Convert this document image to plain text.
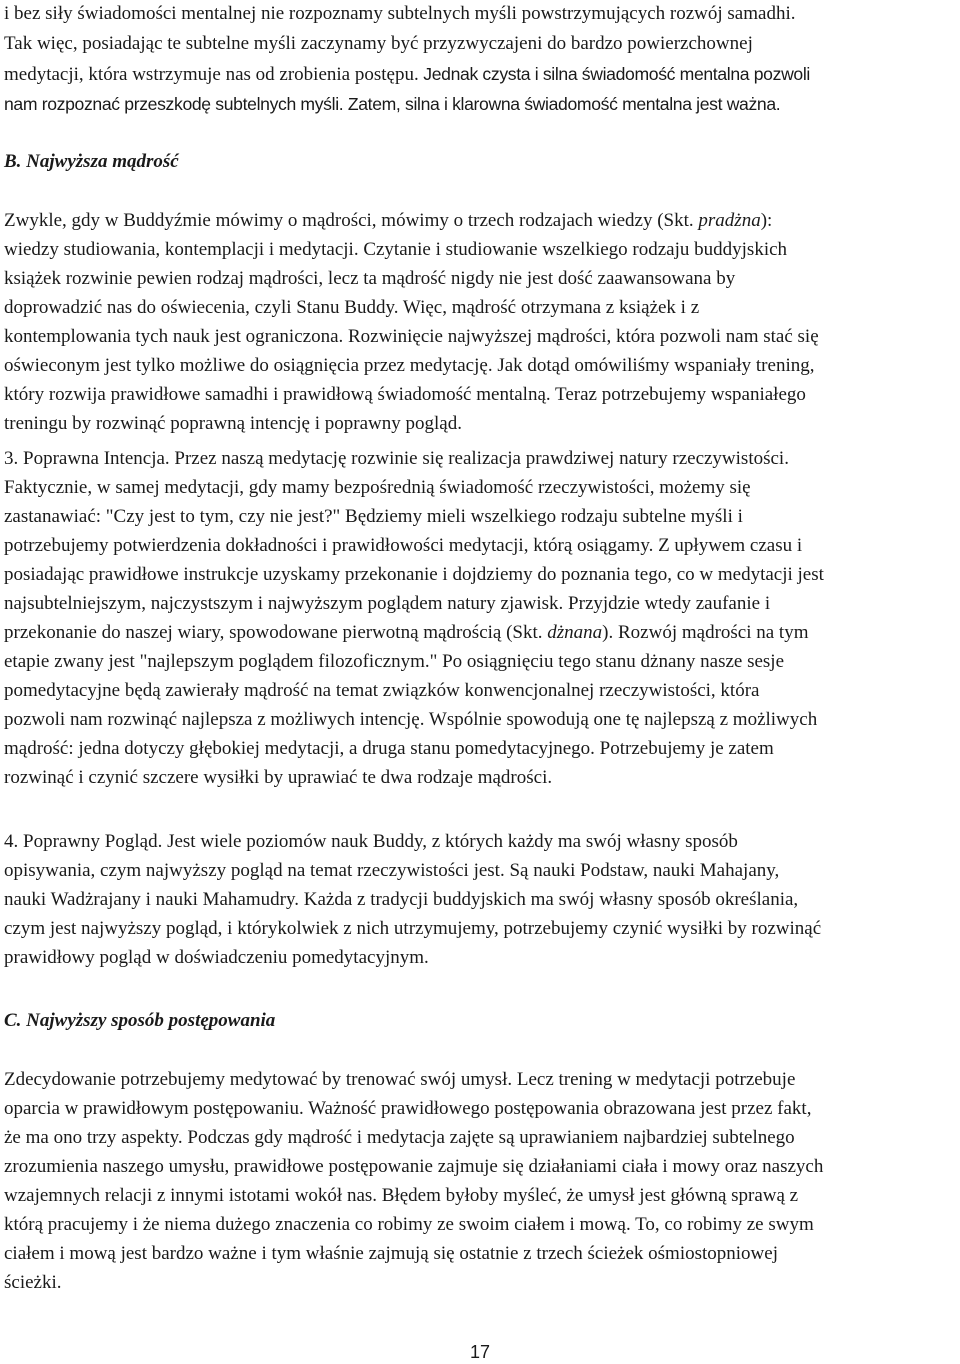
i bez siły świadomości mentalnej nie rozpoznamy subtelnych myśli powstrzymujących rozwój samadhi.
Tak więc, posiadając te subtelne myśli zaczynamy być przyzwyczajeni do bardzo powierzchownej
medytacji, która wstrzymuje nas od zrobienia postępu. Jednak czysta i silna świadomość mentalna pozwoli
nam rozpoznać przeszkodę subtelnych myśli. Zatem, silna i klarowna świadomość mentalna jest ważna.
B. Najwyższa mądrość
Zwykle, gdy w Buddyźmie mówimy o mądrości, mówimy o trzech rodzajach wiedzy (Skt. pradżna):
wiedzy studiowania, kontemplacji i medytacji. Czytanie i studiowanie wszelkiego rodzaju buddyjskich
książek rozwinie pewien rodzaj mądrości, lecz ta mądrość nigdy nie jest dość zaawansowana by
doprowadzić nas do oświecenia, czyli Stanu Buddy. Więc, mądrość otrzymana z książek i z
kontemplowania tych nauk jest ograniczona. Rozwinięcie najwyższej mądrości, która pozwoli nam stać się
oświeconym jest tylko możliwe do osiągnięcia przez medytację. Jak dotąd omówiliśmy wspaniały trening,
który rozwija prawidłowe samadhi i prawidłową świadomość mentalną. Teraz potrzebujemy wspaniałego
treningu by rozwinąć poprawną intencję i poprawny pogląd.
3. Poprawna Intencja. Przez naszą medytację rozwinie się realizacja prawdziwej natury rzeczywistości.
Faktycznie, w samej medytacji, gdy mamy bezpośrednią świadomość rzeczywistości, możemy się
zastanawiać: "Czy jest to tym, czy nie jest?" Będziemy mieli wszelkiego rodzaju subtelne myśli i
potrzebujemy potwierdzenia dokładności i prawidłowości medytacji, którą osiągamy. Z upływem czasu i
posiadając prawidłowe instrukcje uzyskamy przekonanie i dojdziemy do poznania tego, co w medytacji jest
najsubtelniejszym, najczystszym i najwyższym poglądem natury zjawisk. Przyjdzie wtedy zaufanie i
przekonanie do naszej wiary, spowodowane pierwotną mądrością (Skt. dżnana). Rozwój mądrości na tym
etapie zwany jest "najlepszym poglądem filozoficznym." Po osiągnięciu tego stanu dżnany nasze sesje
pomedytacyjne będą zawierały mądrość na temat związków konwencjonalnej rzeczywistości, która
pozwoli nam rozwinąć najlepsza z możliwych intencję. Wspólnie spowodują one tę najlepszą z możliwych
mądrość: jedna dotyczy głębokiej medytacji, a druga stanu pomedytacyjnego. Potrzebujemy je zatem
rozwinąć i czynić szczere wysiłki by uprawiać te dwa rodzaje mądrości.
4. Poprawny Pogląd. Jest wiele poziomów nauk Buddy, z których każdy ma swój własny sposób
opisywania, czym najwyższy pogląd na temat rzeczywistości jest. Są nauki Podstaw, nauki Mahajany,
nauki Wadżrajany i nauki Mahamudry. Każda z tradycji buddyjskich ma swój własny sposób określania,
czym jest najwyższy pogląd, i którykolwiek z nich utrzymujemy, potrzebujemy czynić wysiłki by rozwinąć
prawidłowy pogląd w doświadczeniu pomedytacyjnym.
C. Najwyższy sposób postępowania
Zdecydowanie potrzebujemy medytować by trenować swój umysł. Lecz trening w medytacji potrzebuje
oparcia w prawidłowym postępowaniu. Ważność prawidłowego postępowania obrazowana jest przez fakt,
że ma ono trzy aspekty. Podczas gdy mądrość i medytacja zajęte są uprawianiem najbardziej subtelnego
zrozumienia naszego umysłu, prawidłowe postępowanie zajmuje się działaniami ciała i mowy oraz naszych
wzajemnych relacji z innymi istotami wokół nas. Błędem byłoby myśleć, że umysł jest główną sprawą z
którą pracujemy i że niema dużego znaczenia co robimy ze swoim ciałem i mową. To, co robimy ze swym
ciałem i mową jest bardzo ważne i tym właśnie zajmują się ostatnie z trzech ścieżek ośmiostopniowej
ścieżki.
17
